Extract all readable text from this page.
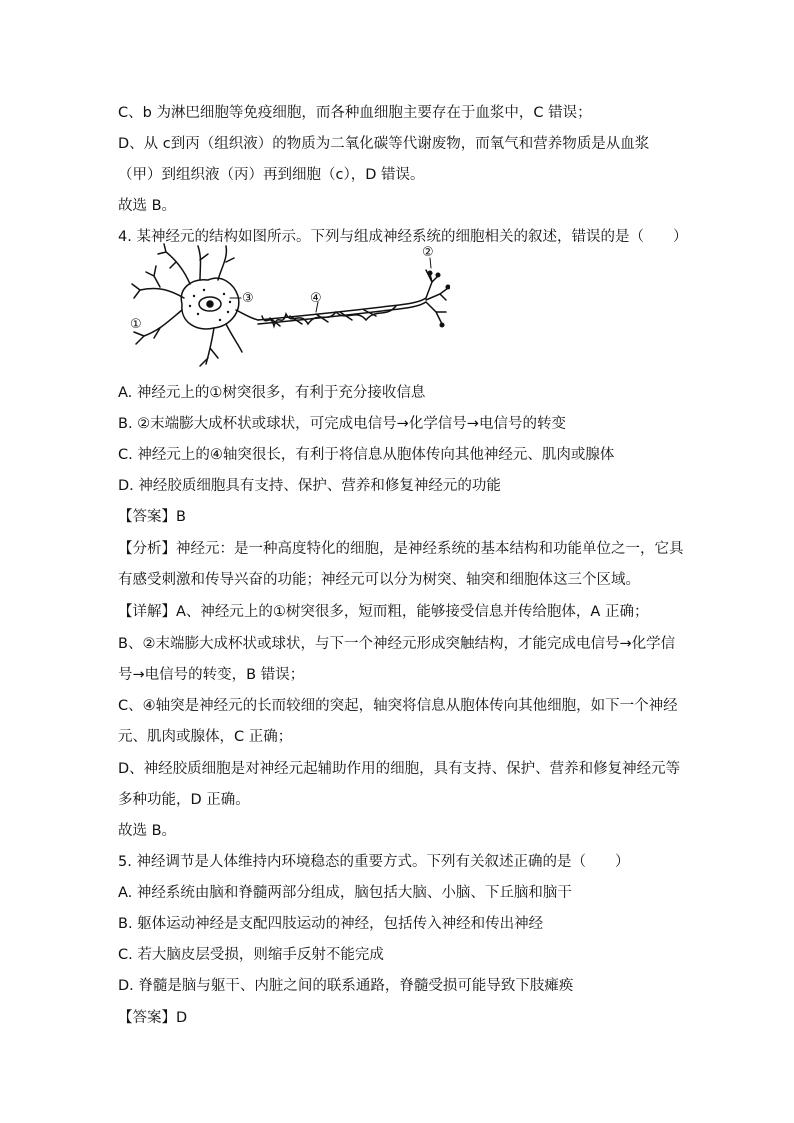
C、b 为淋巴细胞等免疫细胞，而各种血细胞主要存在于血浆中，C 错误；
D、从 c到丙（组织液）的物质为二氧化碳等代谢废物，而氧气和营养物质是从血浆
（甲）到组织液（丙）再到细胞（c），D 错误。
故选 B。
4. 某神经元的结构如图所示。下列与组成神经系统的细胞相关的叙述，错误的是（　　）
①
②
③	④
A. 神经元上的①树突很多，有利于充分接收信息
B. ②末端膨大成杯状或球状，可完成电信号→化学信号→电信号的转变
C. 神经元上的④轴突很长，有利于将信息从胞体传向其他神经元、肌肉或腺体
D. 神经胶质细胞具有支持、保护、营养和修复神经元的功能
【答案】B
【分析】神经元：是一种高度特化的细胞，是神经系统的基本结构和功能单位之一，它具
有感受刺激和传导兴奋的功能；神经元可以分为树突、轴突和细胞体这三个区域。
【详解】A、神经元上的①树突很多，短而粗，能够接受信息并传给胞体，A 正确；
B、②末端膨大成杯状或球状，与下一个神经元形成突触结构，才能完成电信号→化学信
号→电信号的转变，B 错误；
C、④轴突是神经元的长而较细的突起，轴突将信息从胞体传向其他细胞，如下一个神经
元、肌肉或腺体，C 正确；
D、神经胶质细胞是对神经元起辅助作用的细胞，具有支持、保护、营养和修复神经元等
多种功能，D 正确。
故选 B。
5. 神经调节是人体维持内环境稳态的重要方式。下列有关叙述正确的是（　　）
A. 神经系统由脑和脊髓两部分组成，脑包括大脑、小脑、下丘脑和脑干
B. 躯体运动神经是支配四肢运动的神经，包括传入神经和传出神经
C. 若大脑皮层受损，则缩手反射不能完成
D. 脊髓是脑与躯干、内脏之间的联系通路，脊髓受损可能导致下肢瘫痪
【答案】D
